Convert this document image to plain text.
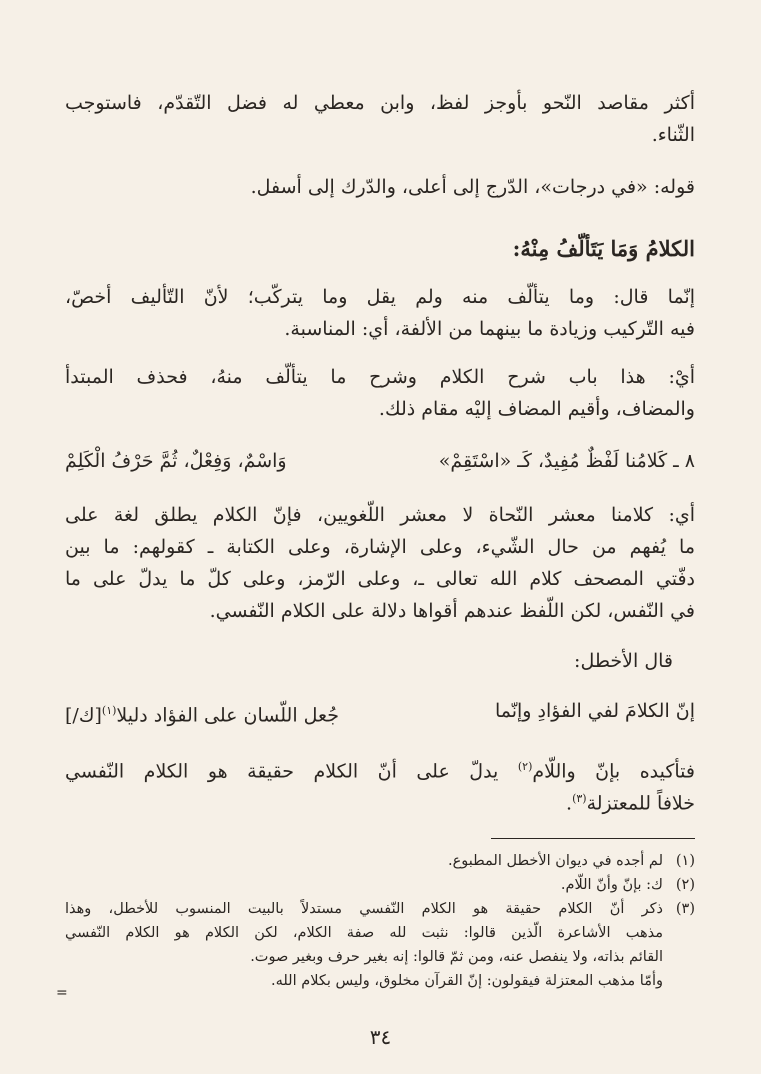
أكثر مقاصد النّحو بأوجز لفظ، وابن معطي له فضل التّقدّم، فاستوجب
الثّناء.
قوله: «في درجات»، الدّرج إلى أعلى، والدّرك إلى أسفل.
الكلامُ وَمَا يَتَألّفُ مِنْهُ:
إنّما قال: وما يتألّف منه ولم يقل وما يتركّب؛ لأنّ التّأليف أخصّ،
فيه التّركيب وزيادة ما بينهما من الألفة، أي: المناسبة.
أيْ: هذا باب شرح الكلام وشرح ما يتألّف منهُ، فحذف المبتدأ
والمضاف، وأقيم المضاف إليْه مقام ذلك.
٨ ـ كَلامُنا لَفْظٌ مُفِيدٌ، كَـ «اسْتَقِمْ»
وَاسْمٌ، وَفِعْلٌ، ثُمَّ حَرْفُ الْكَلِمْ
أي: كلامنا معشر النّحاة لا معشر اللّغويين، فإنّ الكلام يطلق لغة على
ما يُفهم من حال الشّيء، وعلى الإشارة، وعلى الكتابة ـ كقولهم: ما بين
دفّتي المصحف كلام الله تعالى ـ، وعلى الرّمز، وعلى كلّ ما يدلّ على ما
في النّفس، لكن اللّفظ عندهم أقواها دلالة على الكلام النّفسي.
قال الأخطل:
إنّ الكلامَ لفي الفؤادِ وإنّما
جُعل اللّسان على الفؤاد دليلا$^{(١)}$[ك/]
فتأكيده بإنّ واللّام$^{(٢)}$ يدلّ على أنّ الكلام حقيقة هو الكلام النّفسي
خلافاً للمعتزلة$^{(٣)}$.
(١)لم أجده في ديوان الأخطل المطبوع.
(٢)ك: بإنّ وأنّ اللّام.
(٣)ذكر أنّ الكلام حقيقة هو الكلام النّفسي مستدلاً بالبيت المنسوب للأخطل، وهذا
مذهب الأشاعرة الّذين قالوا: نثبت لله صفة الكلام، لكن الكلام هو الكلام النّفسي
القائم بذاته، ولا ينفصل عنه، ومن ثمّ قالوا: إنه بغير حرف وبغير صوت.
وأمّا مذهب المعتزلة فيقولون: إنّ القرآن مخلوق، وليس بكلام الله.
=
٣٤
